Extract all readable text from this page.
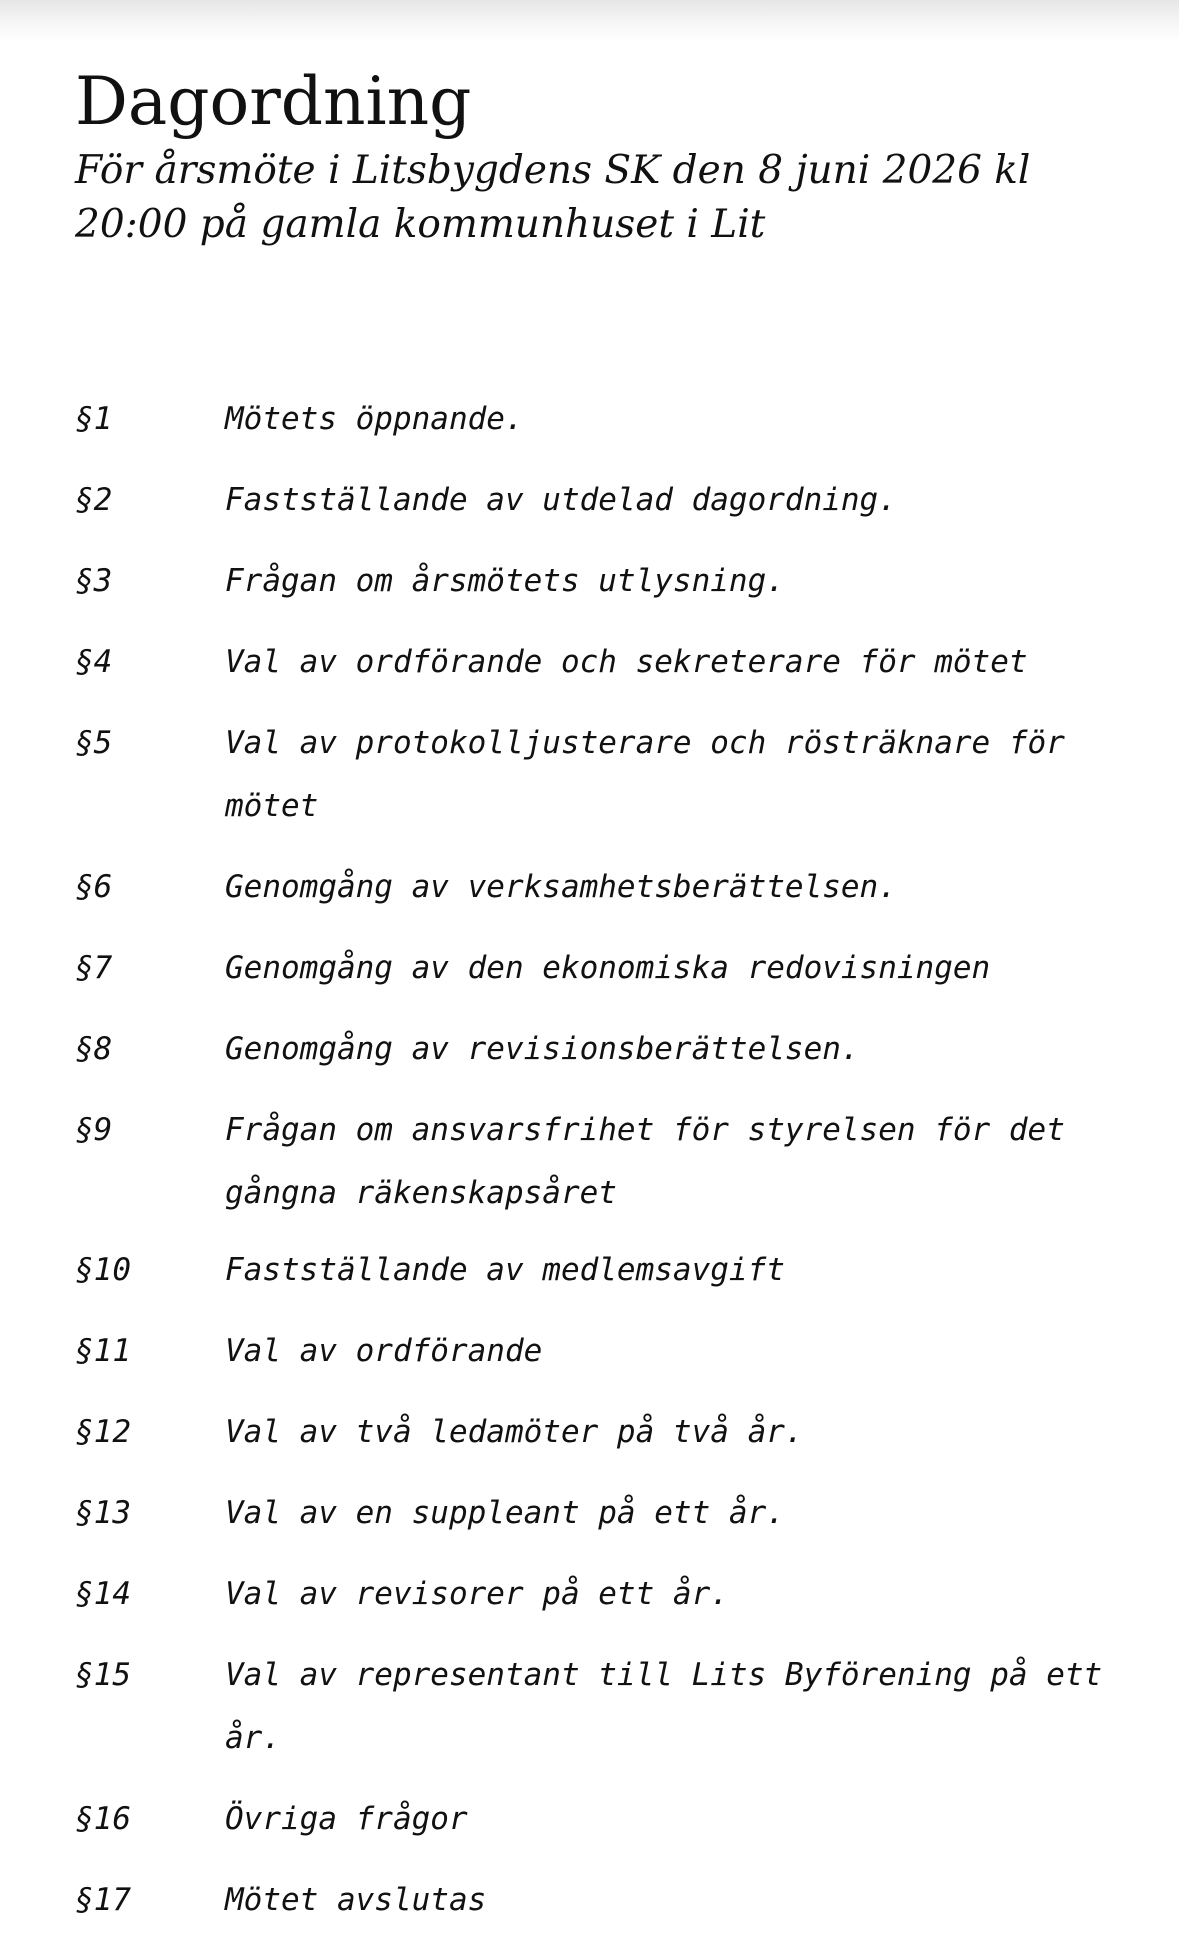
Dagordning
För årsmöte i Litsbygdens SK den 8 juni 2026 kl 20:00 på gamla kommunhuset i Lit
§1	Mötets öppnande.
§2	Fastställande av utdelad dagordning.
§3	Frågan om årsmötets utlysning.
§4	Val av ordförande och sekreterare för mötet
§5	Val av protokolljusterare och rösträknare för mötet
§6	Genomgång av verksamhetsberättelsen.
§7	Genomgång av den ekonomiska redovisningen
§8	Genomgång av revisionsberättelsen.
§9	Frågan om ansvarsfrihet för styrelsen för det gångna räkenskapsåret
§10	Fastställande av medlemsavgift
§11	Val av ordförande
§12	Val av två ledamöter på två år.
§13	Val av en suppleant på ett år.
§14	Val av revisorer på ett år.
§15	Val av representant till Lits Byförening på ett år.
§16	Övriga frågor
§17	Mötet avslutas
